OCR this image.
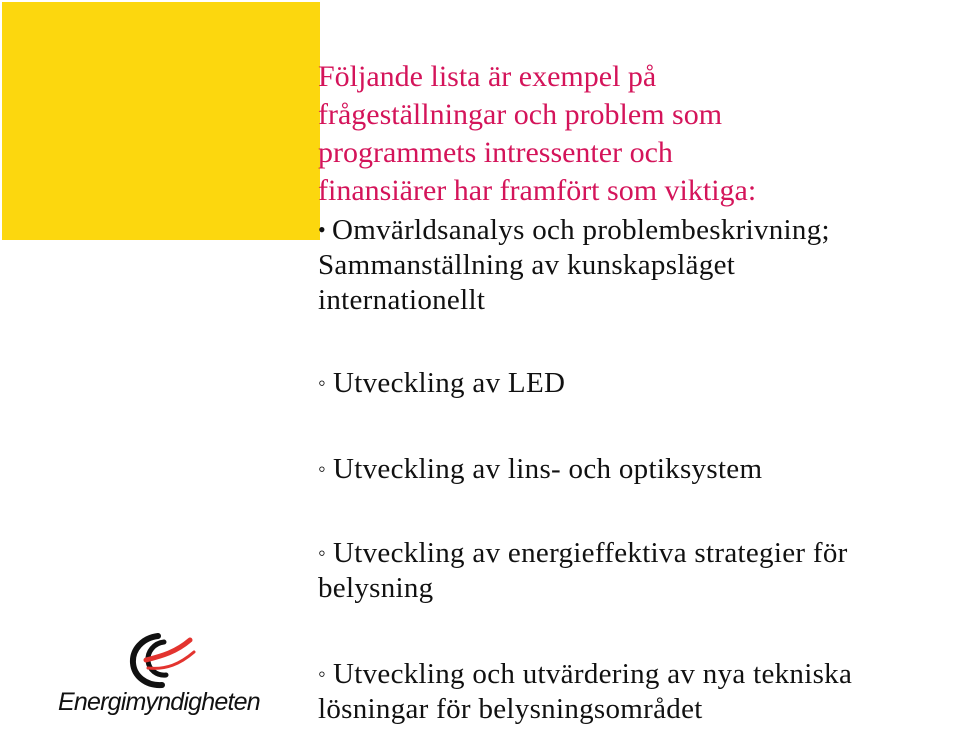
Följande lista är exempel på
frågeställningar och problem som
programmets intressenter och
finansiärer har framfört som viktiga:
• Omvärldsanalys och problembeskrivning;
Sammanställning av kunskapsläget
internationellt
◦ Utveckling av LED
◦ Utveckling av lins- och optiksystem
◦ Utveckling av energieffektiva strategier för
belysning
◦ Utveckling och utvärdering av nya tekniska
lösningar för belysningsområdet
Energimyndigheten
